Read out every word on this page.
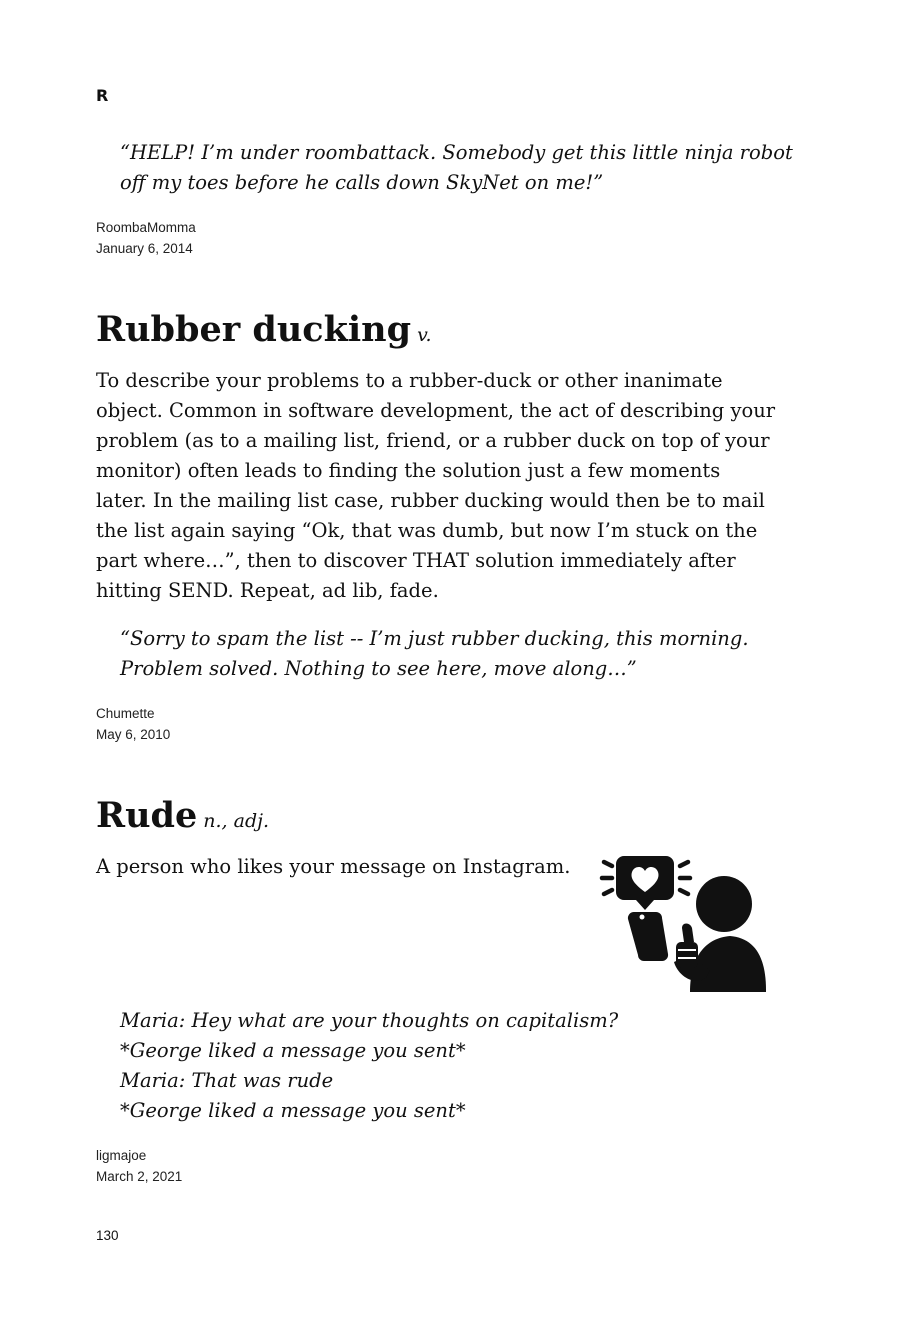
R
“HELP! I’m under roombattack. Somebody get this little ninja robot
off my toes before he calls down SkyNet on me!”
RoombaMomma
January 6, 2014
Rubber ducking v.
To describe your problems to a rubber-duck or other inanimate
object. Common in software development, the act of describing your
problem (as to a mailing list, friend, or a rubber duck on top of your
monitor) often leads to finding the solution just a few moments
later. In the mailing list case, rubber ducking would then be to mail
the list again saying “Ok, that was dumb, but now I’m stuck on the
part where…”, then to discover THAT solution immediately after
hitting SEND. Repeat, ad lib, fade.
“Sorry to spam the list -- I’m just rubber ducking, this morning.
Problem solved. Nothing to see here, move along…”
Chumette
May 6, 2010
Rude n., adj.
A person who likes your message on Instagram.
Maria: Hey what are your thoughts on capitalism?
*George liked a message you sent*
Maria: That was rude
*George liked a message you sent*
ligmajoe
March 2, 2021
130
